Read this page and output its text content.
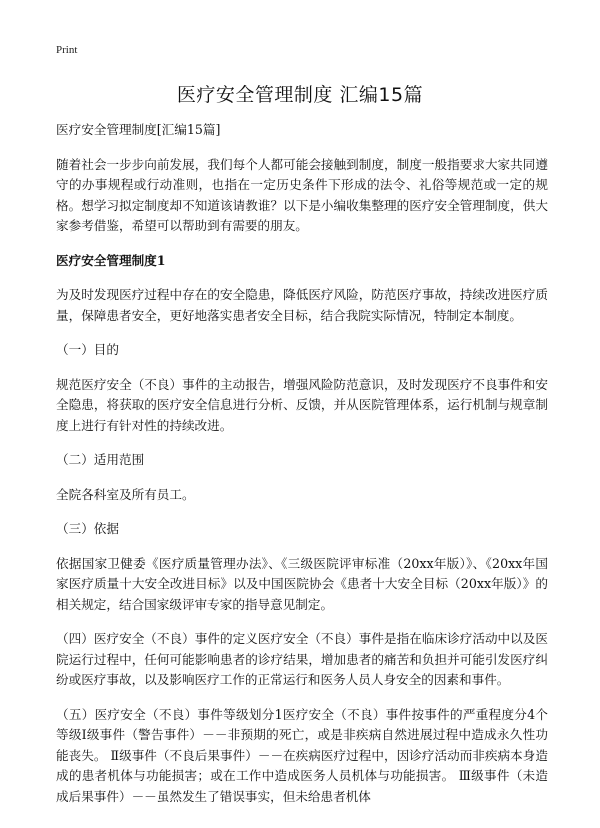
Print
医疗安全管理制度 汇编15篇

医疗安全管理制度[汇编15篇]

随着社会一步步向前发展，我们每个人都可能会接触到制度，制度一般指要求大家共同遵守的办事规程或行动准则，也指在一定历史条件下形成的法令、礼俗等规范或一定的规格。想学习拟定制度却不知道该请教谁？以下是小编收集整理的医疗安全管理制度，供大家参考借鉴，希望可以帮助到有需要的朋友。

医疗安全管理制度1

为及时发现医疗过程中存在的安全隐患，降低医疗风险，防范医疗事故，持续改进医疗质量，保障患者安全，更好地落实患者安全目标，结合我院实际情况，特制定本制度。

（一）目的

规范医疗安全（不良）事件的主动报告，增强风险防范意识，及时发现医疗不良事件和安全隐患，将获取的医疗安全信息进行分析、反馈，并从医院管理体系，运行机制与规章制度上进行有针对性的持续改进。

（二）适用范围

全院各科室及所有员工。

（三）依据

依据国家卫健委《医疗质量管理办法》、《三级医院评审标准（20xx年版）》、《20xx年国家医疗质量十大安全改进目标》以及中国医院协会《患者十大安全目标（20xx年版）》的相关规定，结合国家级评审专家的指导意见制定。

（四）医疗安全（不良）事件的定义医疗安全（不良）事件是指在临床诊疗活动中以及医院运行过程中，任何可能影响患者的诊疗结果，增加患者的痛苦和负担并可能引发医疗纠纷或医疗事故，以及影响医疗工作的正常运行和医务人员人身安全的因素和事件。

（五）医疗安全（不良）事件等级划分1医疗安全（不良）事件按事件的严重程度分4个等级Ⅰ级事件（警告事件）－－非预期的死亡，或是非疾病自然进展过程中造成永久性功能丧失。 Ⅱ级事件（不良后果事件）－－在疾病医疗过程中，因诊疗活动而非疾病本身造成的患者机体与功能损害；或在工作中造成医务人员机体与功能损害。 Ⅲ级事件（未造成后果事件）－－虽然发生了错误事实，但未给患者机体
